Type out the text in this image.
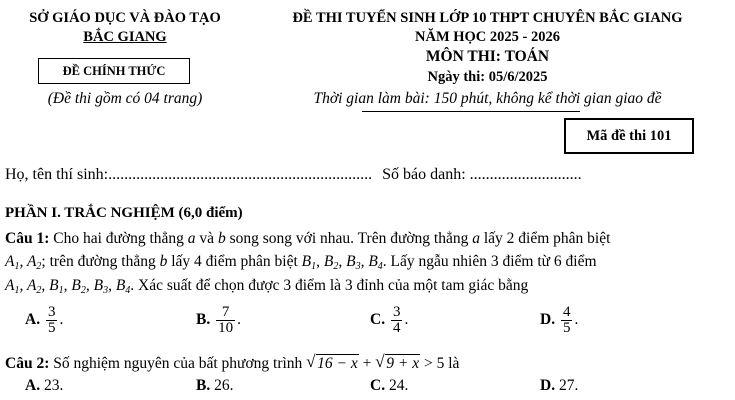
SỞ GIÁO DỤC VÀ ĐÀO TẠO
BẮC GIANG
ĐỀ CHÍNH THỨC
(Đề thi gồm có 04 trang)
ĐỀ THI TUYỂN SINH LỚP 10 THPT CHUYÊN BẮC GIANG
NĂM HỌC 2025 - 2026
MÔN THI: TOÁN
Ngày thi: 05/6/2025
Thời gian làm bài: 150 phút, không kể thời gian giao đề
Mã đề thi 101
Họ, tên thí sinh:.................................................................. Số báo danh: ............................
PHẦN I. TRẮC NGHIỆM (6,0 điểm)
Câu 1: Cho hai đường thẳng a và b song song với nhau. Trên đường thẳng a lấy 2 điểm phân biệt
$A_1$, $A_2$; trên đường thẳng b lấy 4 điểm phân biệt $B_1$, $B_2$, $B_3$, $B_4$. Lấy ngẫu nhiên 3 điểm từ 6 điểm
$A_1$, $A_2$, $B_1$, $B_2$, $B_3$, $B_4$. Xác suất để chọn được 3 điểm là 3 đỉnh của một tam giác bằng
A. $\frac{3}{5}$ .	B. $\frac{7}{10}$ .	C. $\frac{3}{4}$ .	D. $\frac{4}{5}$ .
Câu 2: Số nghiệm nguyên của bất phương trình √ 16 − x + √ 9 + x > 5 là
A. 23.	B. 26.	C. 24.	D. 27.
